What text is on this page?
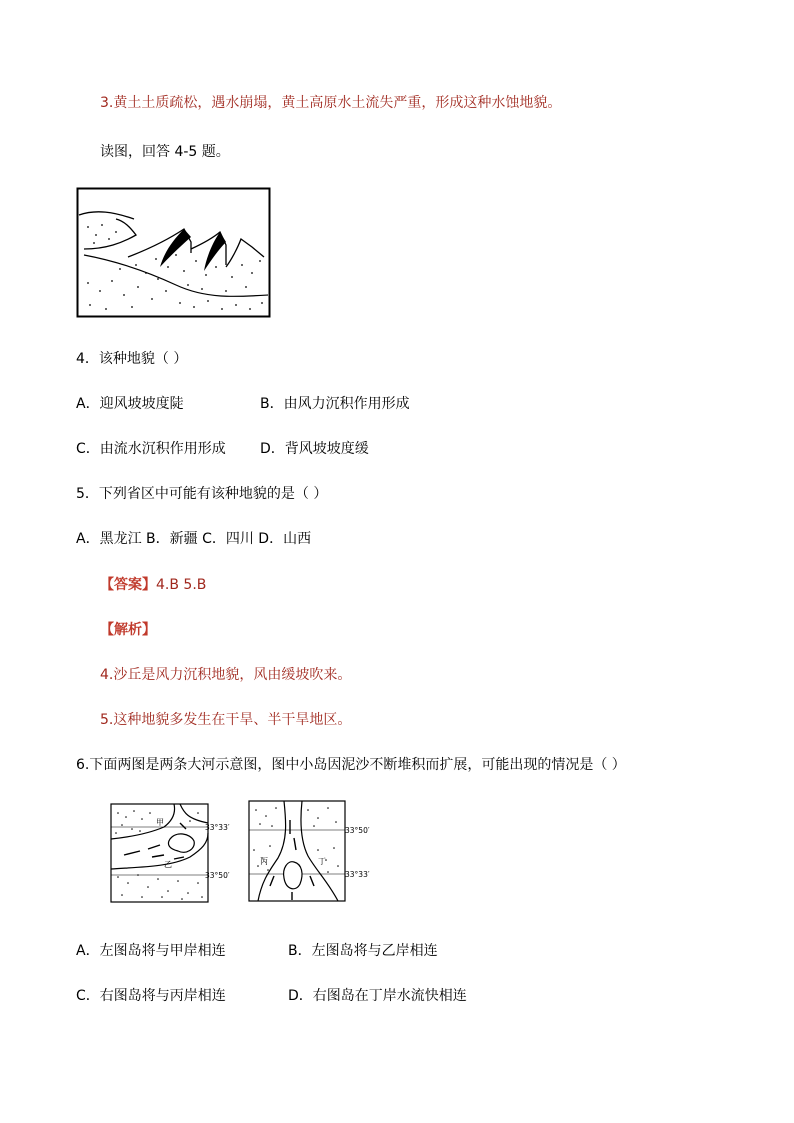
3.黄土土质疏松，遇水崩塌，黄土高原水土流失严重，形成这种水蚀地貌。
读图，回答 4-5 题。
4．该种地貌（ ）
A．迎风坡坡度陡	B．由风力沉积作用形成
C．由流水沉积作用形成 D．背风坡坡度缓
5．下列省区中可能有该种地貌的是（ ）
A．黑龙江 B．新疆 C．四川 D．山西
【答案】4.B 5.B
【解析】
4.沙丘是风力沉积地貌，风由缓坡吹来。
5.这种地貌多发生在干旱、半干旱地区。
6.下面两图是两条大河示意图，图中小岛因泥沙不断堆积而扩展，可能出现的情况是（ ）
甲
乙
33°33′
33°50′
丙	丁
33°50′
33°33′
A．左图岛将与甲岸相连	B．左图岛将与乙岸相连
C．右图岛将与丙岸相连	D．右图岛在丁岸水流快相连
